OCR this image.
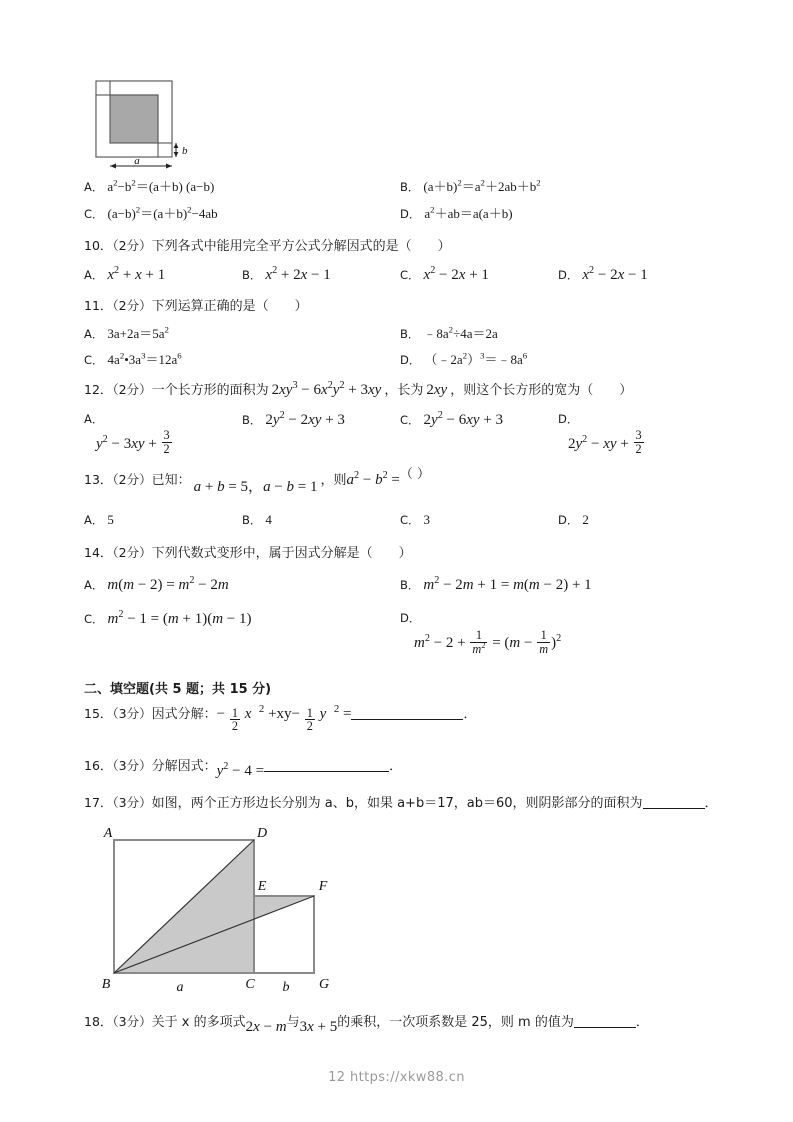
a
b
A． $a^2-b^2=(a+b)$ (a−b)	B． $(a+b)^2=a^2+2ab+b^2$
C． $(a-b)^2=(a+b)^2-4ab$	D． $a^2+ab=a(a+b)$
10．（2分）下列各式中能用完全平方公式分解因式的是（ ）
A． $x^2 + x + 1$	B． $x^2 + 2x - 1$	C． $x^2 - 2x + 1$	D． $x^2 - 2x - 1$
11．（2分）下列运算正确的是（ ）
A． $3a+2a=5a^2$	B． $﹣8a^2\div 4a=2a$
C． $4a^2•3a^3=12a^6$	D． $(﹣2a^2)^3=﹣8a^6$
12．（2分）一个长方形的面积为 $2xy^3 - 6x^2y^2 + 3xy$ ，长为 2xy ，则这个长方形的宽为（ ）
A．
$y^2 - 3xy + \frac{3}{2}$
B． $2y^2 - 2xy + 3$	C． $2y^2 - 6xy + 3$	D．
$2y^2$ − xy + $\frac{3}{2}$
13．（2分）已知： a + b = 5，a − b = 1 ，则$a^2 - b^2$ =（ ）
A． 5	B． 4	C． 3	D． 2
14．（2分）下列代数式变形中，属于因式分解是（ ）
A． $m(m - 2) = m^2 - 2m$	B． $m^2 - 2m + 1 = m(m - 2) + 1$
C． $m^2 - 1 = (m + 1)(m - 1)$	D．
$m^2 - 2 + \frac{1}{m^2} = (m - \frac{1}{m} )^2$
二、填空题(共 5 题；共 15 分)
15．（3分）因式分解：− $\frac{1}{2}$ x $^2 +xy- \frac{1}{2}$ y $^2$ =	．
16．（3分）分解因式：$y^2 - 4$ =	．
17．（3分）如图，两个正方形边长分别为 a、b，如果 a+b＝17，ab＝60，则阴影部分的面积为	．
A
B	C
D
E	F
G
a	b
18．（3分）关于 x 的多项式2x − m与3x + 5的乘积，一次项系数是 25，则 m 的值为	．
12 https://xkw88.cn
